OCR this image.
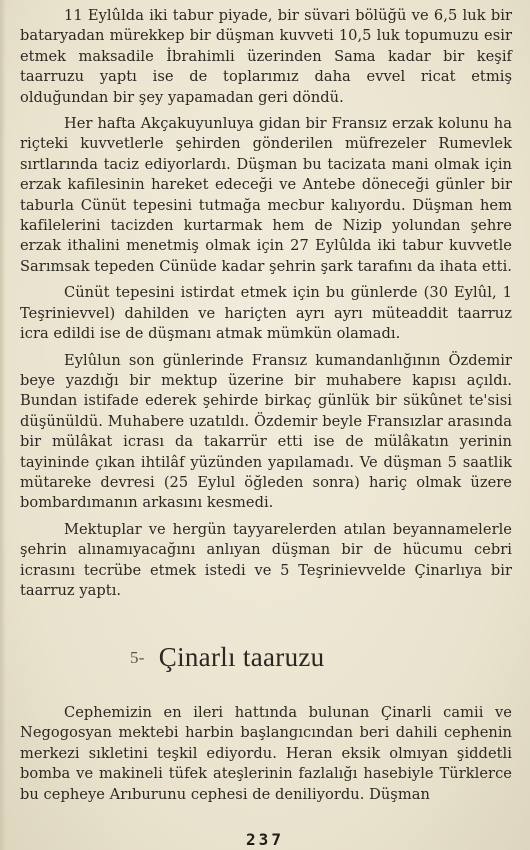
11 Eylûlda iki tabur piyade, bir süvari bölüğü ve 6,5 luk bir bataryadan mürekkep bir düşman kuvveti 10,5 luk topumuzu esir etmek maksadile İbrahimli üzerinden Sama kadar bir keşif taarruzu yaptı ise de toplarımız daha evvel ricat etmiş olduğundan bir şey yapamadan geri döndü.

Her hafta Akçakuyunluya gidan bir Fransız erzak kolunu ha riçteki kuvvetlerle şehirden gönderilen müfrezeler Rumevlek sırtlarında taciz ediyorlardı. Düşman bu tacizata mani olmak için erzak kafilesinin hareket edeceği ve Antebe döneceği günler bir taburla Cünüt tepesini tutmağa mecbur kalıyordu. Düşman hem kafilelerini tacizden kurtarmak hem de Nizip yolundan şehre erzak ithalini menetmiş olmak için 27 Eylûlda iki tabur kuvvetle Sarımsak tepeden Cünüde kadar şehrin şark tarafını da ihata etti.

Cünüt tepesini istirdat etmek için bu günlerde (30 Eylûl, 1 Teşrinievvel) dahilden ve hariçten ayrı ayrı müteaddit taarruz icra edildi ise de düşmanı atmak mümkün olamadı.

Eylûlun son günlerinde Fransız kumandanlığının Özdemir beye yazdığı bir mektup üzerine bir muhabere kapısı açıldı. Bundan istifade ederek şehirde birkaç günlük bir sükûnet te'sisi düşünüldü. Muhabere uzatıldı. Özdemir beyle Fransızlar arasında bir mülâkat icrası da takarrür etti ise de mülâkatın yerinin tayininde çıkan ihtilâf yüzünden yapılamadı. Ve düşman 5 saatlik mütareke devresi (25 Eylul öğleden sonra) hariç olmak üzere bombardımanın arkasını kesmedi.

Mektuplar ve hergün tayyarelerden atılan beyannamelerle şehrin alınamıyacağını anlıyan düşman bir de hücumu cebri icrasını tecrübe etmek istedi ve 5 Teşrinievvelde Çinarlıya bir taarruz yaptı.

5- Çinarlı taaruzu

Cephemizin en ileri hattında bulunan Çinarli camii ve Negogosyan mektebi harbin başlangıcından beri dahili cephenin merkezi sıkletini teşkil ediyordu. Heran eksik olmıyan şiddetli bomba ve makineli tüfek ateşlerinin fazlalığı hasebiyle Türklerce bu cepheye Arıburunu cephesi de deniliyordu. Düşman

237
